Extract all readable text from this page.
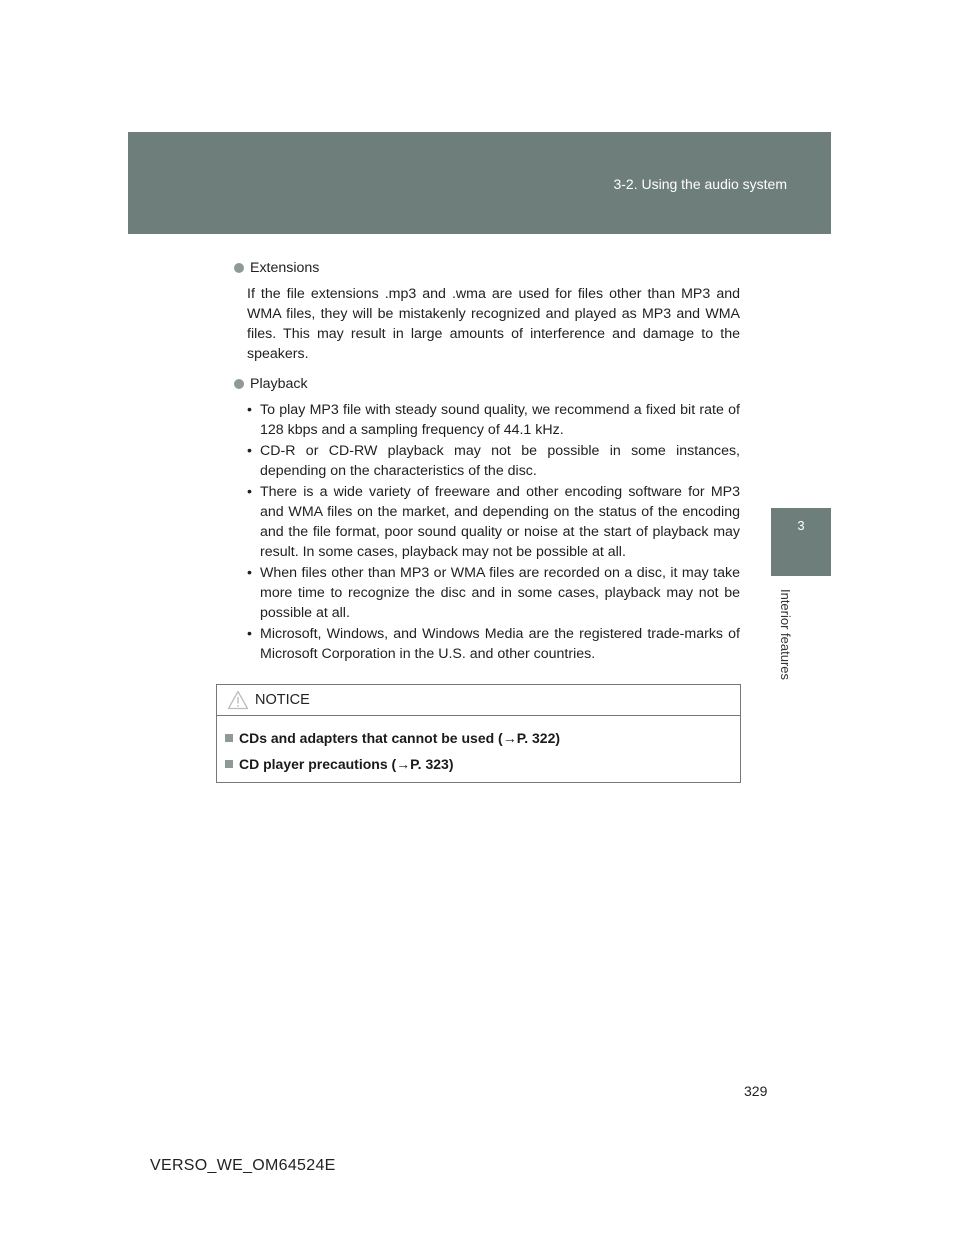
3-2. Using the audio system
3
Interior features
Extensions
If the file extensions .mp3 and .wma are used for files other than MP3 and WMA files, they will be mistakenly recognized and played as MP3 and WMA files. This may result in large amounts of interference and damage to the speakers.
Playback
• To play MP3 file with steady sound quality, we recommend a fixed bit rate of 128 kbps and a sampling frequency of 44.1 kHz.
• CD-R or CD-RW playback may not be possible in some instances, depending on the characteristics of the disc.
• There is a wide variety of freeware and other encoding software for MP3 and WMA files on the market, and depending on the status of the encoding and the file format, poor sound quality or noise at the start of playback may result. In some cases, playback may not be possible at all.
• When files other than MP3 or WMA files are recorded on a disc, it may take more time to recognize the disc and in some cases, playback may not be possible at all.
• Microsoft, Windows, and Windows Media are the registered trade-marks of Microsoft Corporation in the U.S. and other countries.
NOTICE
CDs and adapters that cannot be used (→P. 322)
CD player precautions (→P. 323)
329
VERSO_WE_OM64524E
